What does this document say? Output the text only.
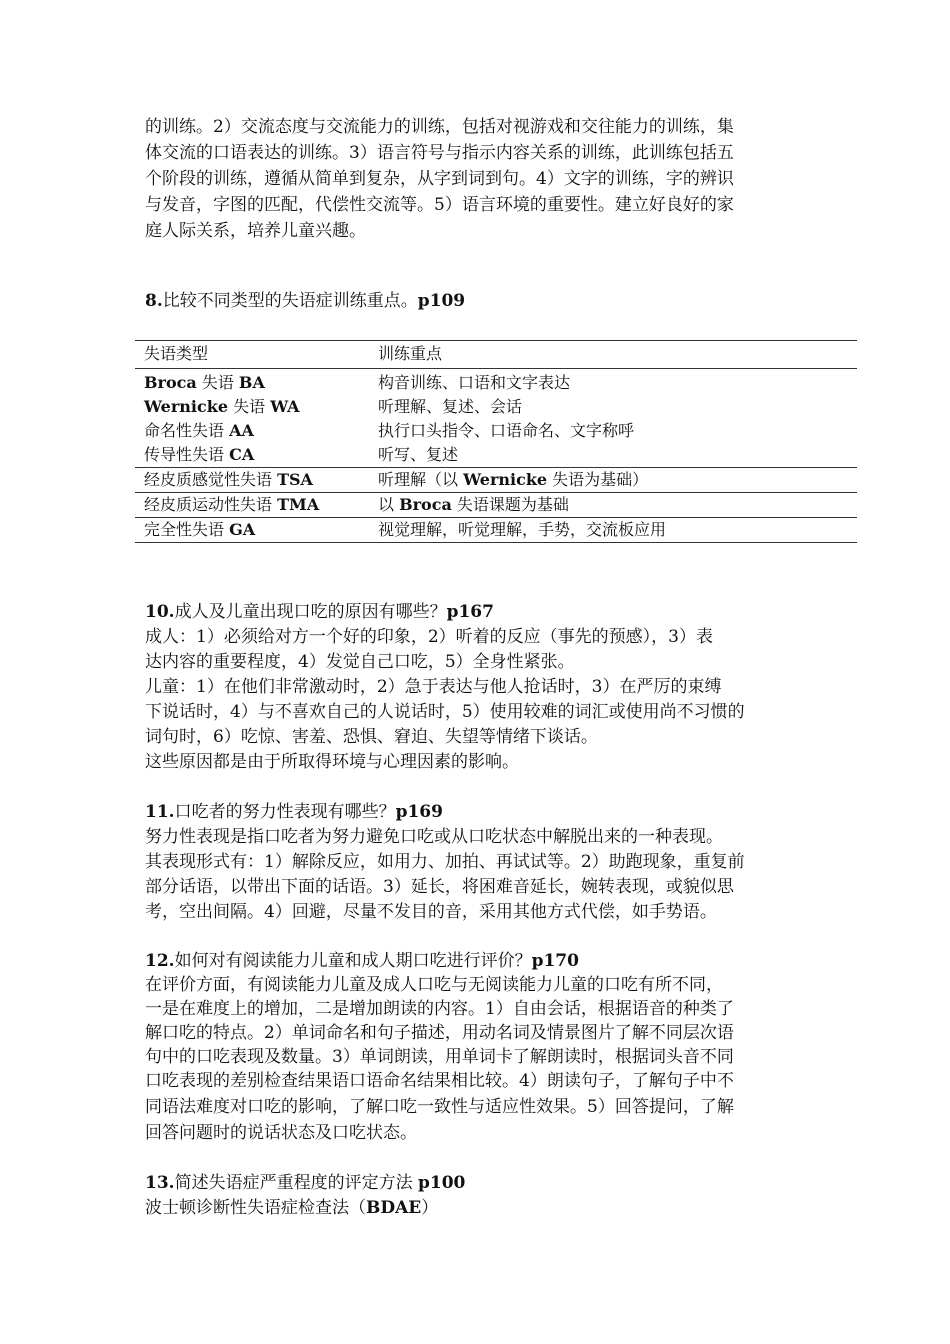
的训练。2）交流态度与交流能力的训练，包括对视游戏和交往能力的训练，集
体交流的口语表达的训练。3）语言符号与指示内容关系的训练，此训练包括五
个阶段的训练，遵循从简单到复杂，从字到词到句。4）文字的训练，字的辨识
与发音，字图的匹配，代偿性交流等。5）语言环境的重要性。建立好良好的家
庭人际关系，培养儿童兴趣。
8.比较不同类型的失语症训练重点。p109
失语类型	训练重点
Broca 失语 BA	构音训练、口语和文字表达
Wernicke 失语 WA	听理解、复述、会话
命名性失语 AA	执行口头指令、口语命名、文字称呼
传导性失语 CA	听写、复述
经皮质感觉性失语 TSA	听理解（以 Wernicke 失语为基础）
经皮质运动性失语 TMA	以 Broca 失语课题为基础
完全性失语 GA	视觉理解，听觉理解，手势，交流板应用
10.成人及儿童出现口吃的原因有哪些？p167
成人：1）必须给对方一个好的印象，2）听着的反应（事先的预感），3）表
达内容的重要程度，4）发觉自己口吃，5）全身性紧张。
儿童：1）在他们非常激动时，2）急于表达与他人抢话时，3）在严厉的束缚
下说话时，4）与不喜欢自己的人说话时，5）使用较难的词汇或使用尚不习惯的
词句时，6）吃惊、害羞、恐惧、窘迫、失望等情绪下谈话。
这些原因都是由于所取得环境与心理因素的影响。
11.口吃者的努力性表现有哪些？p169
努力性表现是指口吃者为努力避免口吃或从口吃状态中解脱出来的一种表现。
其表现形式有：1）解除反应，如用力、加拍、再试试等。2）助跑现象，重复前
部分话语，以带出下面的话语。3）延长，将困难音延长，婉转表现，或貌似思
考，空出间隔。4）回避，尽量不发目的音，采用其他方式代偿，如手势语。
12.如何对有阅读能力儿童和成人期口吃进行评价？p170
在评价方面，有阅读能力儿童及成人口吃与无阅读能力儿童的口吃有所不同，
一是在难度上的增加，二是增加朗读的内容。1）自由会话，根据语音的种类了
解口吃的特点。2）单词命名和句子描述，用动名词及情景图片了解不同层次语
句中的口吃表现及数量。3）单词朗读，用单词卡了解朗读时，根据词头音不同
口吃表现的差别检查结果语口语命名结果相比较。4）朗读句子，了解句子中不
同语法难度对口吃的影响，了解口吃一致性与适应性效果。5）回答提问，了解
回答问题时的说话状态及口吃状态。
13.简述失语症严重程度的评定方法 p100
波士顿诊断性失语症检查法（BDAE）
